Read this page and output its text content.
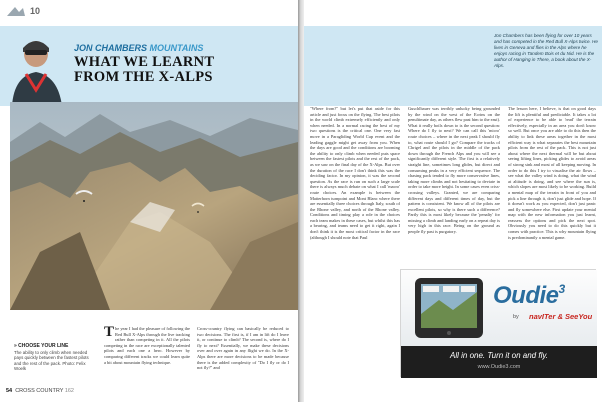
10
JON CHAMBERS MOUNTAINS
WHAT WE LEARNT
FROM THE X-ALPS
» CHOOSE YOUR LINE
The ability to only climb when needed pays quickly between the fastest pilots and the rest of the pack. Photo: Felix Woelk
The year I had the pleasure of following the Red Bull X-Alps through the live tracking rather than competing in it. All the pilots competing in the race are exceptionally talented pilots and each one a hero. However by comparing different tracks we could learn quite a bit about mountain flying technique.
Cross-country flying can basically be reduced to two decisions. The first is, if I am in lift do I leave it, or continue to climb? The second is, where do I fly to next? Essentially, we make these decisions over and over again in any flight we do. In the X-Alps there are more decisions to be made because there is the added complexity of "Do I fly or do I not fly?" and
54 CROSS COUNTRY 162
Jon Chambers has been flying for over 10 years and has competed in the Red Bull X-Alps twice. He lives in Geneva and flies in the Alps where he enjoys racing in Tandem Bois et du Nid. He is the author of Hanging in There, a book about the X-Alps.
"Where from?" but let's put that aside for this article and just focus on the flying. The best pilots in the world climb extremely efficiently and only when needed. In a normal racing the best of my two questions is the critical one. One very fast move in a Paragliding World Cup event and the leading gaggle might get away from you. When the days are good and the conditions are booming the ability to only climb when needed puts space between the fastest pilots and the rest of the pack, as we saw on the final day of the X-Alps. But over the duration of the race I don't think this was the deciding factor. In my opinion, it was the second question. As the race is run on such a large scale there is always much debate on what I call 'macro' route choices. An example is between the Matterhorn turnpoint and Mont Blanc where there are essentially three choices through Italy, south of the Rhone valley, and north of the Rhone valley. Conditions and timing play a role in the choices each team makes in these cases, but whilst this has a bearing, and teams need to get it right, again I don't think it is the most critical factor in the race (although I should note that Paul
Guschlbauer was terribly unlucky being grounded by the wind on the west of the Ecrins on the penultimate day, as others flew past him to the east). What it really boils down to is the second question: Where do I fly to next? We can call this 'micro' route choices – where in the next peak I should fly to, what route should I go? Compare the tracks of Chrigel and the pilots in the middle of the pack down through the French Alps and you will see a significantly different style. The first is a relatively straight line, sometimes long glides, but direct and consuming peaks in a very efficient sequence. The chasing pack tended to fly more conservative lines, taking more climbs and not hesitating to deviate in order to take more height. In some cases even criss-crossing valleys. Granted, we are comparing different days and different times of day, but the pattern is consistent. We know all of the pilots are excellent pilots, so why is there such a difference? Partly this is most likely because the 'penalty' for missing a climb and landing early on a repeat day is very high in this race. Being on the ground as people fly past is purgatory.
The lesson here, I believe, is that on good days the lift is plentiful and predictable. It takes a lot of experience to be able to 'read' the terrain effectively, especially in an area you don't know so well. But once you are able to do this then the ability to link these areas together in the most efficient way is what separates the best mountain pilots from the rest of the pack. This is not just about where the next thermal will be but about seeing lifting lines, picking glides to avoid areas of strong sink and most of all keeping moving. In order to do this I try to visualise the air flows – see what the valley wind is doing, what the wind at altitude is doing, and see where the sun is, which slopes are most likely to be working. Build a mental map of the terrain in front of you and pick a line through it, don't just glide and hope. If it doesn't work as you expected, don't just panic and fly somewhere else. First update your mental map with the new information you just learnt, reassess the options and pick the next spot. Obviously you need to do this quickly but it comes with practice. This is why mountain flying is predominantly a mental game.
Oudie$^3$
by navITer & SeeYou
All in one. Turn it on and fly.
www.Oudie3.com
